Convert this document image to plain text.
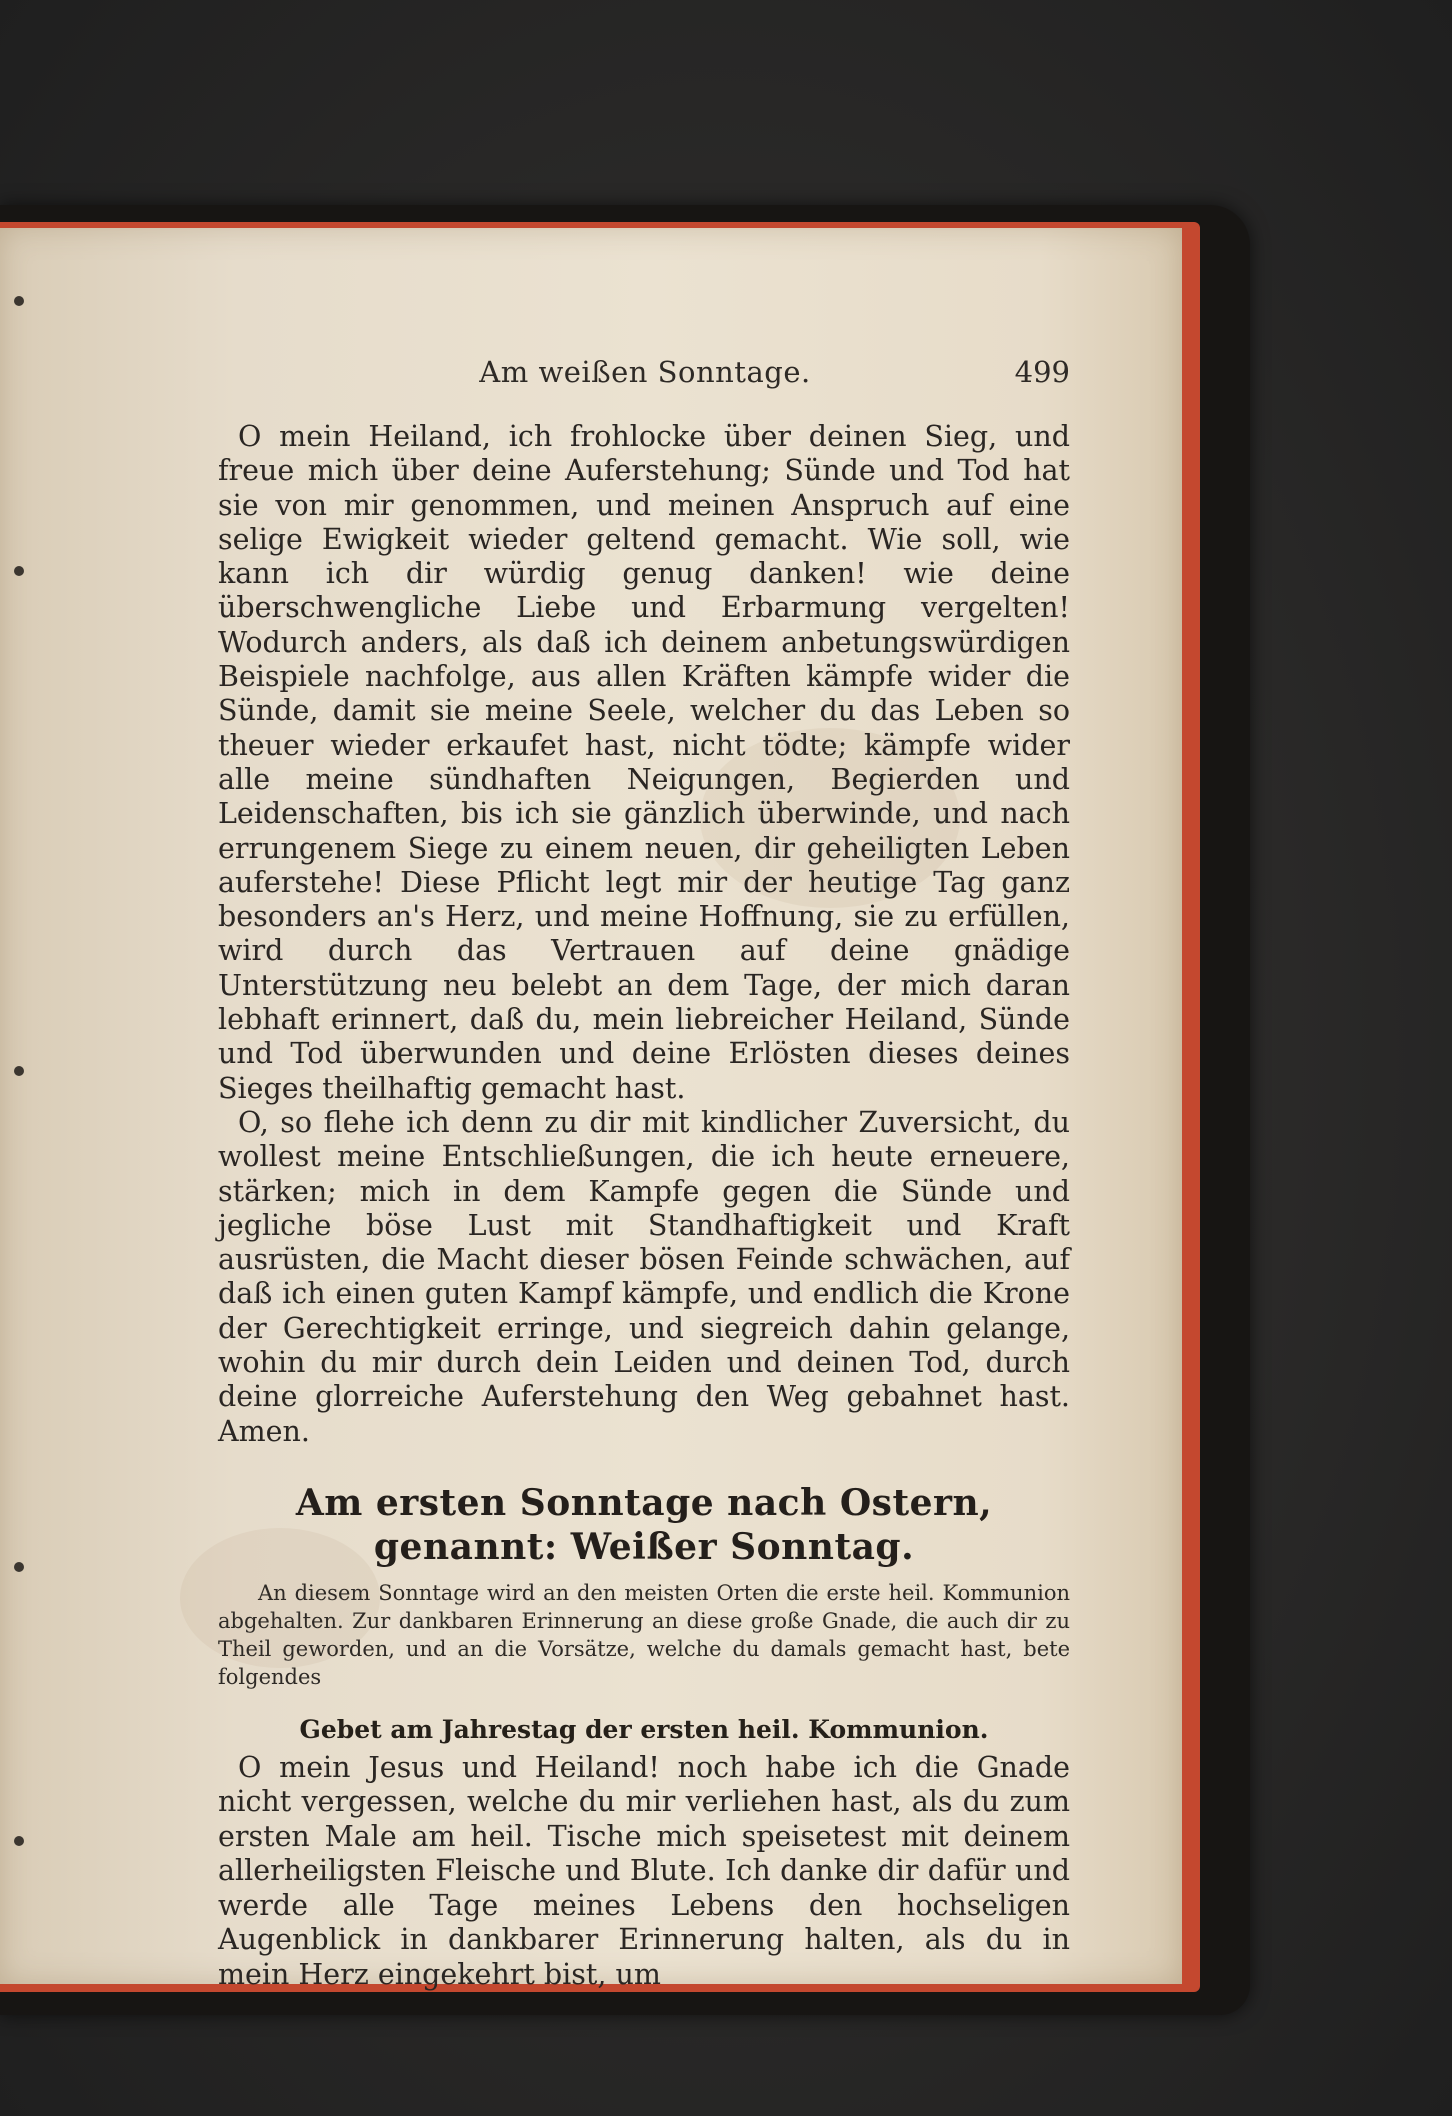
Am weißen Sonntage.	499

O mein Heiland, ich frohlocke über deinen Sieg, und freue mich über deine Auferstehung; Sünde und Tod hat sie von mir genommen, und meinen Anspruch auf eine selige Ewigkeit wieder geltend gemacht. Wie soll, wie kann ich dir würdig genug danken! wie deine überschwengliche Liebe und Erbarmung vergelten! Wodurch anders, als daß ich deinem anbetungswürdigen Beispiele nachfolge, aus allen Kräften kämpfe wider die Sünde, damit sie meine Seele, welcher du das Leben so theuer wieder erkaufet hast, nicht tödte; kämpfe wider alle meine sündhaften Neigungen, Begierden und Leidenschaften, bis ich sie gänzlich überwinde, und nach errungenem Siege zu einem neuen, dir geheiligten Leben auferstehe! Diese Pflicht legt mir der heutige Tag ganz besonders an's Herz, und meine Hoffnung, sie zu erfüllen, wird durch das Vertrauen auf deine gnädige Unterstützung neu belebt an dem Tage, der mich daran lebhaft erinnert, daß du, mein liebreicher Heiland, Sünde und Tod überwunden und deine Erlösten dieses deines Sieges theilhaftig gemacht hast.

O, so flehe ich denn zu dir mit kindlicher Zuversicht, du wollest meine Entschließungen, die ich heute erneuere, stärken; mich in dem Kampfe gegen die Sünde und jegliche böse Lust mit Standhaftigkeit und Kraft ausrüsten, die Macht dieser bösen Feinde schwächen, auf daß ich einen guten Kampf kämpfe, und endlich die Krone der Gerechtigkeit erringe, und siegreich dahin gelange, wohin du mir durch dein Leiden und deinen Tod, durch deine glorreiche Auferstehung den Weg gebahnet hast. Amen.

Am ersten Sonntage nach Ostern, genannt: Weißer Sonntag.

An diesem Sonntage wird an den meisten Orten die erste heil. Kommunion abgehalten. Zur dankbaren Erinnerung an diese große Gnade, die auch dir zu Theil geworden, und an die Vorsätze, welche du damals gemacht hast, bete folgendes

Gebet am Jahrestag der ersten heil. Kommunion.

O mein Jesus und Heiland! noch habe ich die Gnade nicht vergessen, welche du mir verliehen hast, als du zum ersten Male am heil. Tische mich speisetest mit deinem allerheiligsten Fleische und Blute. Ich danke dir dafür und werde alle Tage meines Lebens den hochseligen Augenblick in dankbarer Erinnerung halten, als du in mein Herz eingekehrt bist, um
